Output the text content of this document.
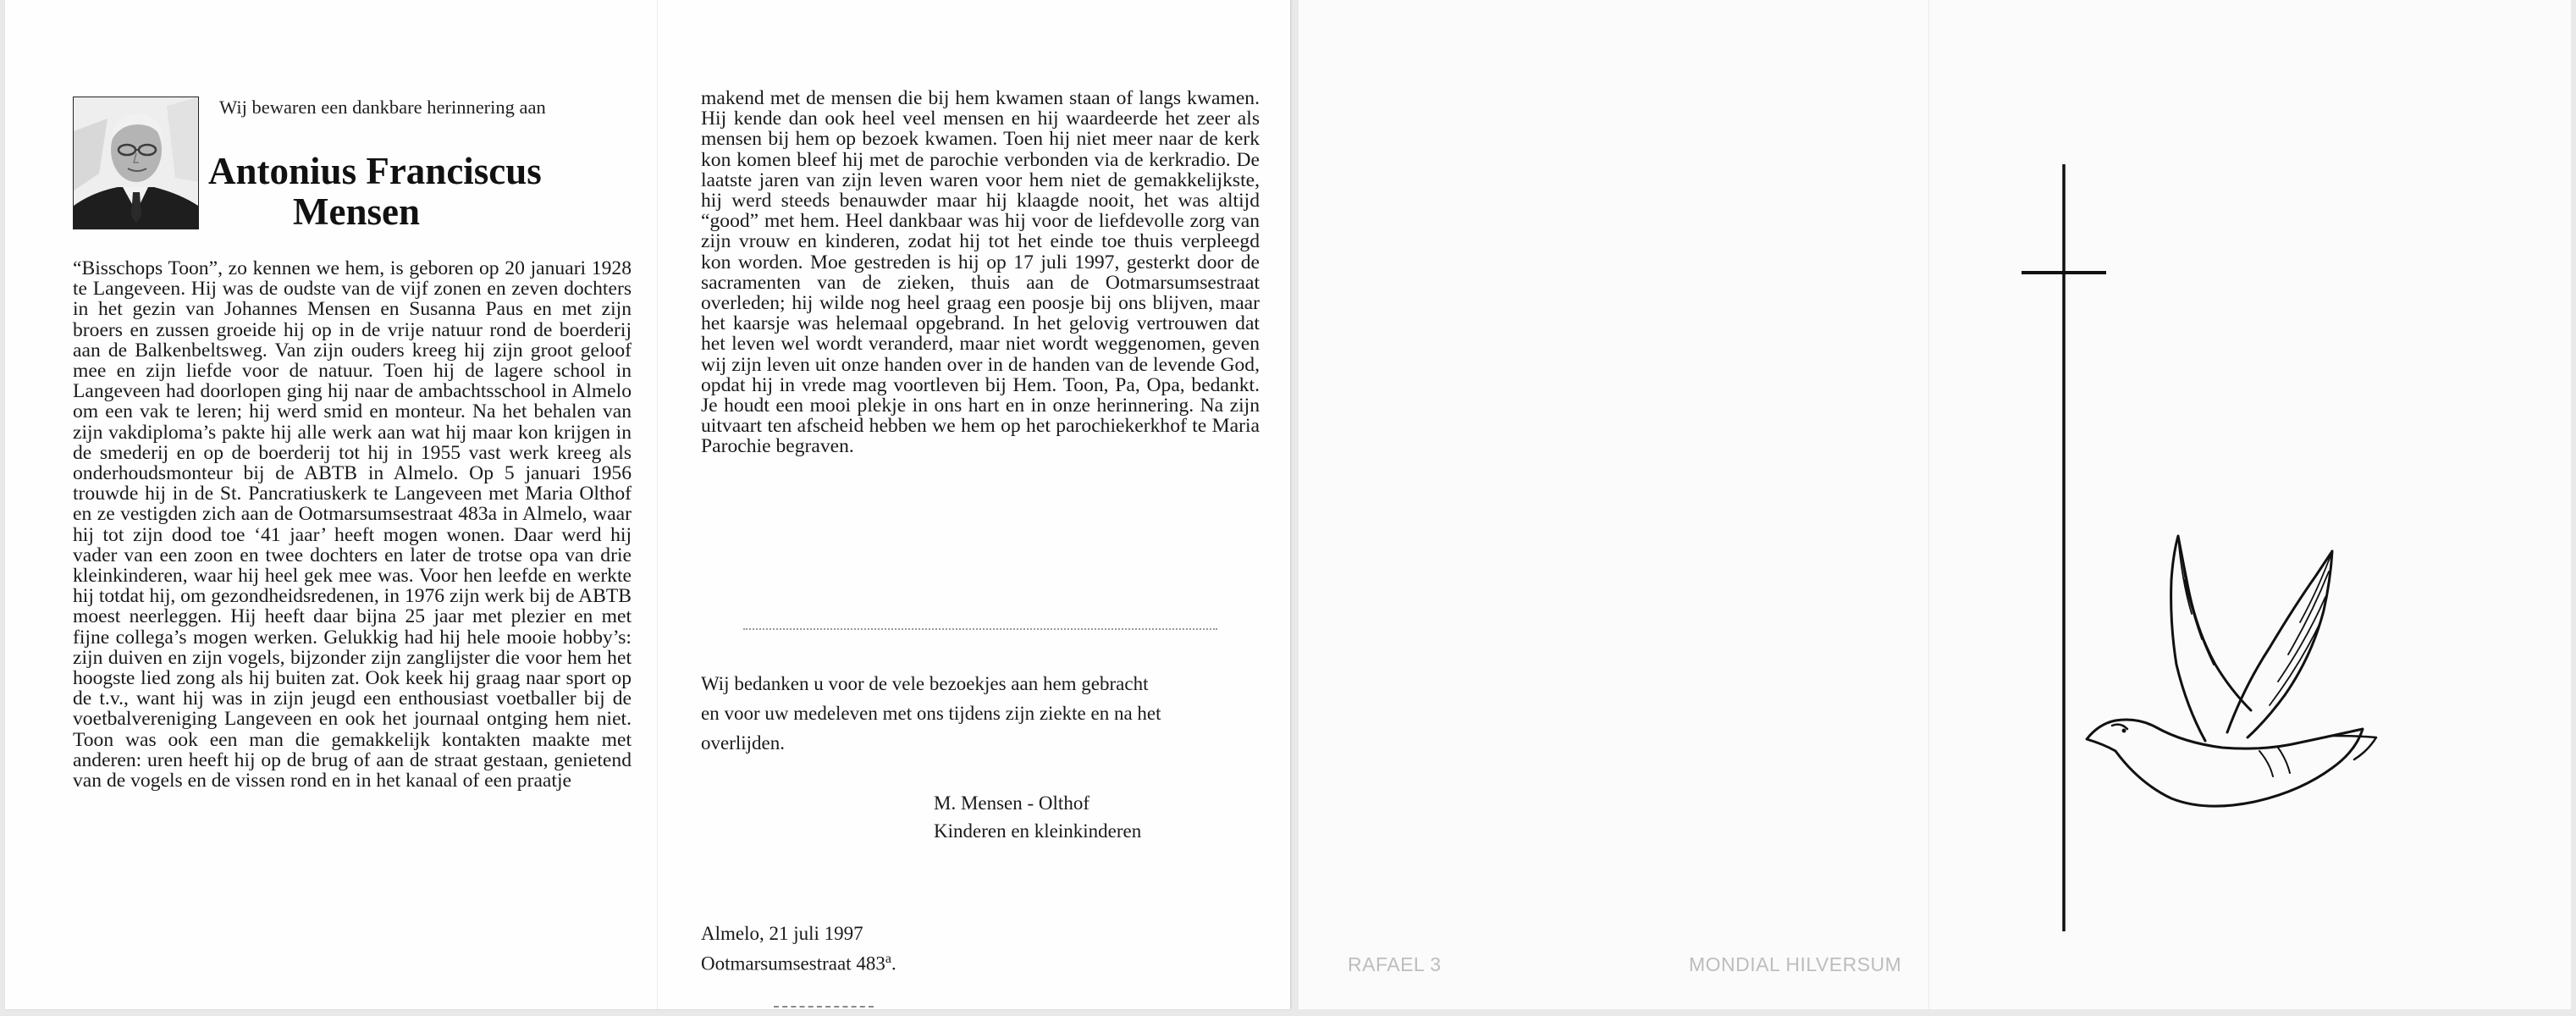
Wij bewaren een dankbare herinnering aan
Antonius Franciscus
Mensen

“Bisschops Toon”, zo kennen we hem, is geboren op 20 januari 1928 te Langeveen. Hij was de oudste van de vijf zonen en zeven dochters in het gezin van Johannes Mensen en Susanna Paus en met zijn broers en zussen groeide hij op in de vrije natuur rond de boerderij aan de Balkenbeltsweg. Van zijn ouders kreeg hij zijn groot geloof mee en zijn liefde voor de natuur. Toen hij de lagere school in Langeveen had doorlopen ging hij naar de ambachtsschool in Almelo om een vak te leren; hij werd smid en monteur. Na het behalen van zijn vakdiploma’s pakte hij alle werk aan wat hij maar kon krijgen in de smederij en op de boerderij tot hij in 1955 vast werk kreeg als onderhoudsmonteur bij de ABTB in Almelo. Op 5 januari 1956 trouwde hij in de St. Pancratiuskerk te Langeveen met Maria Olthof en ze vestigden zich aan de Ootmarsumsestraat 483a in Almelo, waar hij tot zijn dood toe ‘41 jaar’ heeft mogen wonen. Daar werd hij vader van een zoon en twee dochters en later de trotse opa van drie kleinkinderen, waar hij heel gek mee was. Voor hen leefde en werkte hij totdat hij, om gezondheidsredenen, in 1976 zijn werk bij de ABTB moest neerleggen. Hij heeft daar bijna 25 jaar met plezier en met fijne collega’s mogen werken. Gelukkig had hij hele mooie hobby’s: zijn duiven en zijn vogels, bijzonder zijn zanglijster die voor hem het hoogste lied zong als hij buiten zat. Ook keek hij graag naar sport op de t.v., want hij was in zijn jeugd een enthousiast voetballer bij de voetbalvereniging Langeveen en ook het journaal ontging hem niet. Toon was ook een man die gemakkelijk kontakten maakte met anderen: uren heeft hij op de brug of aan de straat gestaan, genietend van de vogels en de vissen rond en in het kanaal of een praatje

makend met de mensen die bij hem kwamen staan of langs kwamen. Hij kende dan ook heel veel mensen en hij waardeerde het zeer als mensen bij hem op bezoek kwamen. Toen hij niet meer naar de kerk kon komen bleef hij met de parochie verbonden via de kerkradio. De laatste jaren van zijn leven waren voor hem niet de gemakkelijkste, hij werd steeds benauwder maar hij klaagde nooit, het was altijd “good” met hem. Heel dankbaar was hij voor de liefdevolle zorg van zijn vrouw en kinderen, zodat hij tot het einde toe thuis verpleegd kon worden. Moe gestreden is hij op 17 juli 1997, gesterkt door de sacramenten van de zieken, thuis aan de Ootmarsumsestraat overleden; hij wilde nog heel graag een poosje bij ons blijven, maar het kaarsje was helemaal opgebrand. In het gelovig vertrouwen dat het leven wel wordt veranderd, maar niet wordt weggenomen, geven wij zijn leven uit onze handen over in de handen van de levende God, opdat hij in vrede mag voortleven bij Hem. Toon, Pa, Opa, bedankt. Je houdt een mooi plekje in ons hart en in onze herinnering. Na zijn uitvaart ten afscheid hebben we hem op het parochiekerkhof te Maria Parochie begraven.

Wij bedanken u voor de vele bezoekjes aan hem gebracht
en voor uw medeleven met ons tijdens zijn ziekte en na het
overlijden.
M. Mensen - Olthof
Kinderen en kleinkinderen
Almelo, 21 juli 1997
Ootmarsumsestraat 483$^a$.	RAFAEL 3	MONDIAL HILVERSUM
